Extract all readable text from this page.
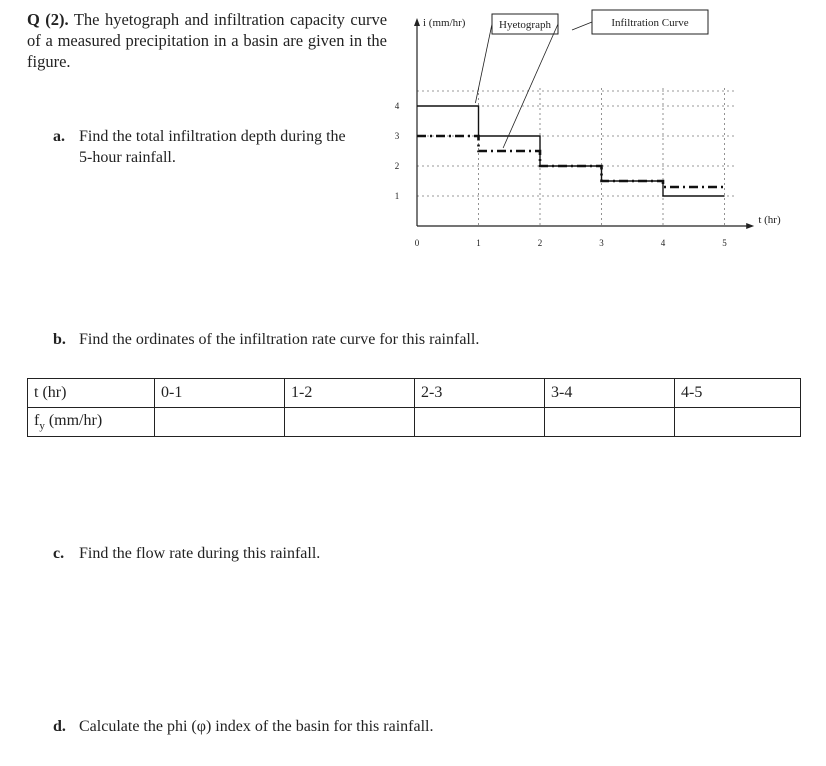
Q (2). The hyetograph and infiltration capacity curve of a measured precipitation in a basin are given in the figure.
a. Find the total infiltration depth during the
5-hour rainfall.
0	1	2	3	4	5
1
2
3
4
i (mm/hr)
t (hr)
Hyetograph	Infiltration Curve
b. Find the ordinates of the infiltration rate curve for this rainfall.
t (hr)	0-1	1-2	2-3	3-4	4-5
$f_y$ (mm/hr)					
c. Find the flow rate during this rainfall.
d. Calculate the phi (φ) index of the basin for this rainfall.
